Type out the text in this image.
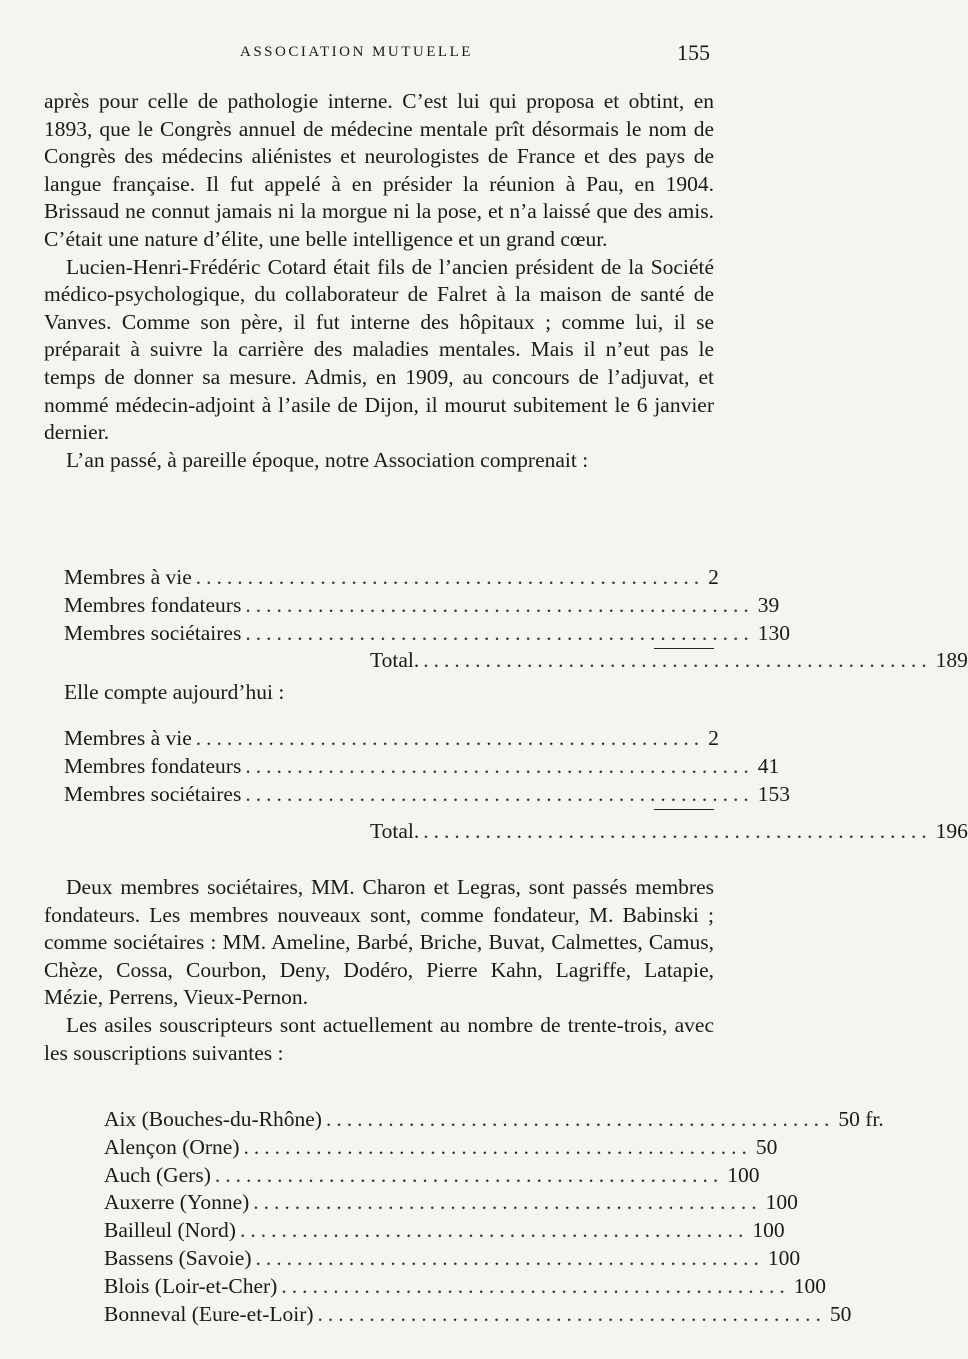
ASSOCIATION MUTUELLE	155

après pour celle de pathologie interne. C’est lui qui proposa et obtint, en 1893, que le Congrès annuel de médecine mentale prît désormais le nom de Congrès des médecins aliénistes et neurologistes de France et des pays de langue française. Il fut appelé à en présider la réunion à Pau, en 1904. Brissaud ne connut jamais ni la morgue ni la pose, et n’a laissé que des amis. C’était une nature d’élite, une belle intelligence et un grand cœur.

Lucien-Henri-Frédéric Cotard était fils de l’ancien président de la Société médico-psychologique, du collaborateur de Falret à la maison de santé de Vanves. Comme son père, il fut interne des hôpitaux ; comme lui, il se préparait à suivre la carrière des maladies mentales. Mais il n’eut pas le temps de donner sa mesure. Admis, en 1909, au concours de l’adjuvat, et nommé médecin-adjoint à l’asile de Dijon, il mourut subitement le 6 janvier dernier.

L’an passé, à pareille époque, notre Association comprenait :

Membres à vie ................................................. 2
Membres fondateurs ................................................. 39
Membres sociétaires ................................................. 130
Total. ................................................. 189
Elle compte aujourd’hui :
Membres à vie ................................................. 2
Membres fondateurs ................................................. 41
Membres sociétaires ................................................. 153
Total. ................................................. 196

Deux membres sociétaires, MM. Charon et Legras, sont passés membres fondateurs. Les membres nouveaux sont, comme fondateur, M. Babinski ; comme sociétaires : MM. Ameline, Barbé, Briche, Buvat, Calmettes, Camus, Chèze, Cossa, Courbon, Deny, Dodéro, Pierre Kahn, Lagriffe, Latapie, Mézie, Perrens, Vieux-Pernon.

Les asiles souscripteurs sont actuellement au nombre de trente-trois, avec les souscriptions suivantes :

Aix (Bouches-du-Rhône) ................................................. 50 fr.
Alençon (Orne) ................................................. 50
Auch (Gers) ................................................. 100
Auxerre (Yonne) ................................................. 100
Bailleul (Nord) ................................................. 100
Bassens (Savoie) ................................................. 100
Blois (Loir-et-Cher) ................................................. 100
Bonneval (Eure-et-Loir) ................................................. 50
